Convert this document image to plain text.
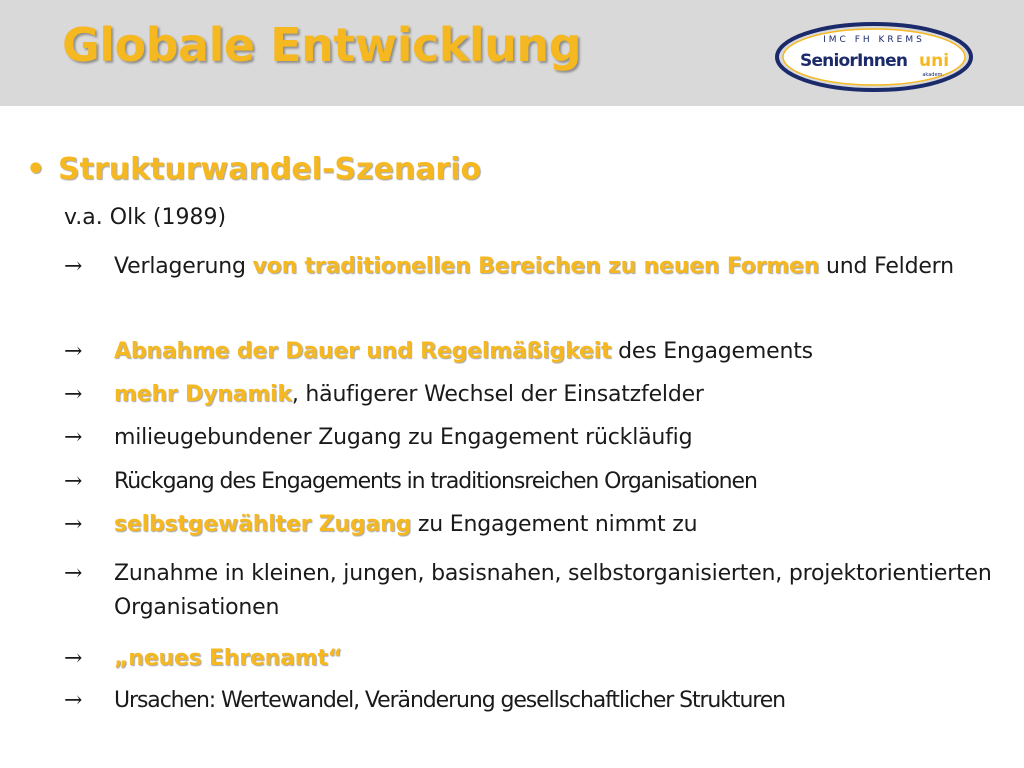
Globale Entwicklung	IMC FH KREMS
SeniorInnen uni
akadem.
• Strukturwandel-Szenario
v.a. Olk (1989)
→	Verlagerung von traditionellen Bereichen zu neuen Formen und Feldern
→	Abnahme der Dauer und Regelmäßigkeit des Engagements
→	mehr Dynamik, häufigerer Wechsel der Einsatzfelder
→	milieugebundener Zugang zu Engagement rückläufig
→	Rückgang des Engagements in traditionsreichen Organisationen
→	selbstgewählter Zugang zu Engagement nimmt zu
→	Zunahme in kleinen, jungen, basisnahen, selbstorganisierten, projektorientierten Organisationen
→	„neues Ehrenamt“
→	Ursachen: Wertewandel, Veränderung gesellschaftlicher Strukturen
